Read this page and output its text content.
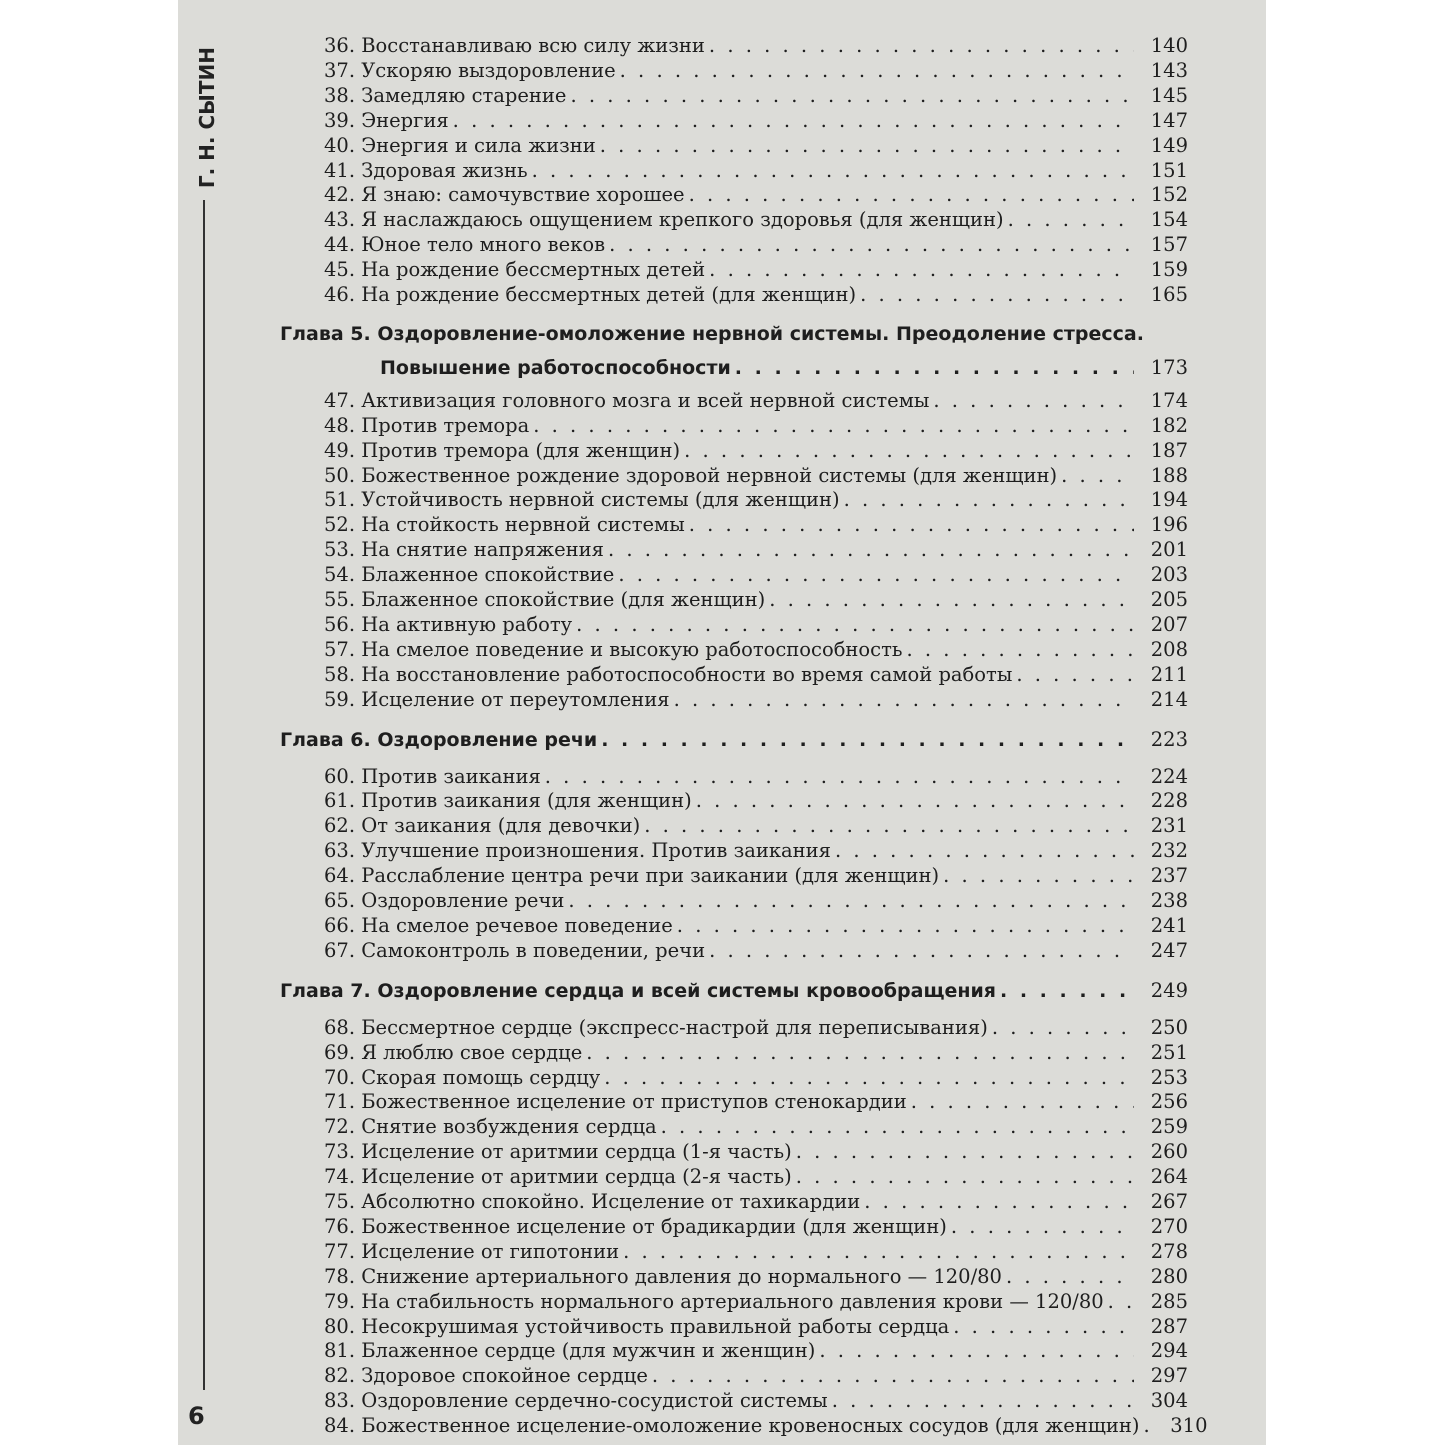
Г. Н. СЫТИН
6
36. Восстанавливаю всю силу жизни . . .	140
37. Ускоряю выздоровление . . .	143
38. Замедляю старение . . .	145
39. Энергия . . .	147
40. Энергия и сила жизни . . .	149
41. Здоровая жизнь . . .	151
42. Я знаю: самочувствие хорошее . . .	152
43. Я наслаждаюсь ощущением крепкого здоровья (для женщин) . . .	154
44. Юное тело много веков . . .	157
45. На рождение бессмертных детей . . .	159
46. На рождение бессмертных детей (для женщин) . . .	165
Глава 5. Оздоровление-омоложение нервной системы. Преодоление стресса.
Повышение работоспособности . . .	173
47. Активизация головного мозга и всей нервной системы . . .	174
48. Против тремора . . .	182
49. Против тремора (для женщин) . . .	187
50. Божественное рождение здоровой нервной системы (для женщин) . . .	188
51. Устойчивость нервной системы (для женщин) . . .	194
52. На стойкость нервной системы . . .	196
53. На снятие напряжения . . .	201
54. Блаженное спокойствие . . .	203
55. Блаженное спокойствие (для женщин) . . .	205
56. На активную работу . . .	207
57. На смелое поведение и высокую работоспособность . . .	208
58. На восстановление работоспособности во время самой работы . . .	211
59. Исцеление от переутомления . . .	214
Глава 6. Оздоровление речи . . .	223
60. Против заикания . . .	224
61. Против заикания (для женщин) . . .	228
62. От заикания (для девочки) . . .	231
63. Улучшение произношения. Против заикания . . .	232
64. Расслабление центра речи при заикании (для женщин) . . .	237
65. Оздоровление речи . . .	238
66. На смелое речевое поведение . . .	241
67. Самоконтроль в поведении, речи . . .	247
Глава 7. Оздоровление сердца и всей системы кровообращения . . .	249
68. Бессмертное сердце (экспресс-настрой для переписывания) . . .	250
69. Я люблю свое сердце . . .	251
70. Скорая помощь сердцу . . .	253
71. Божественное исцеление от приступов стенокардии . . .	256
72. Снятие возбуждения сердца . . .	259
73. Исцеление от аритмии сердца (1-я часть) . . .	260
74. Исцеление от аритмии сердца (2-я часть) . . .	264
75. Абсолютно спокойно. Исцеление от тахикардии . . .	267
76. Божественное исцеление от брадикардии (для женщин) . . .	270
77. Исцеление от гипотонии . . .	278
78. Снижение артериального давления до нормального — 120/80 . . .	280
79. На стабильность нормального артериального давления крови — 120/80 . . .	285
80. Несокрушимая устойчивость правильной работы сердца . . .	287
81. Блаженное сердце (для мужчин и женщин) . . .	294
82. Здоровое спокойное сердце . . .	297
83. Оздоровление сердечно-сосудистой системы . . .	304
84. Божественное исцеление-омоложение кровеносных сосудов (для женщин) . . .	310
